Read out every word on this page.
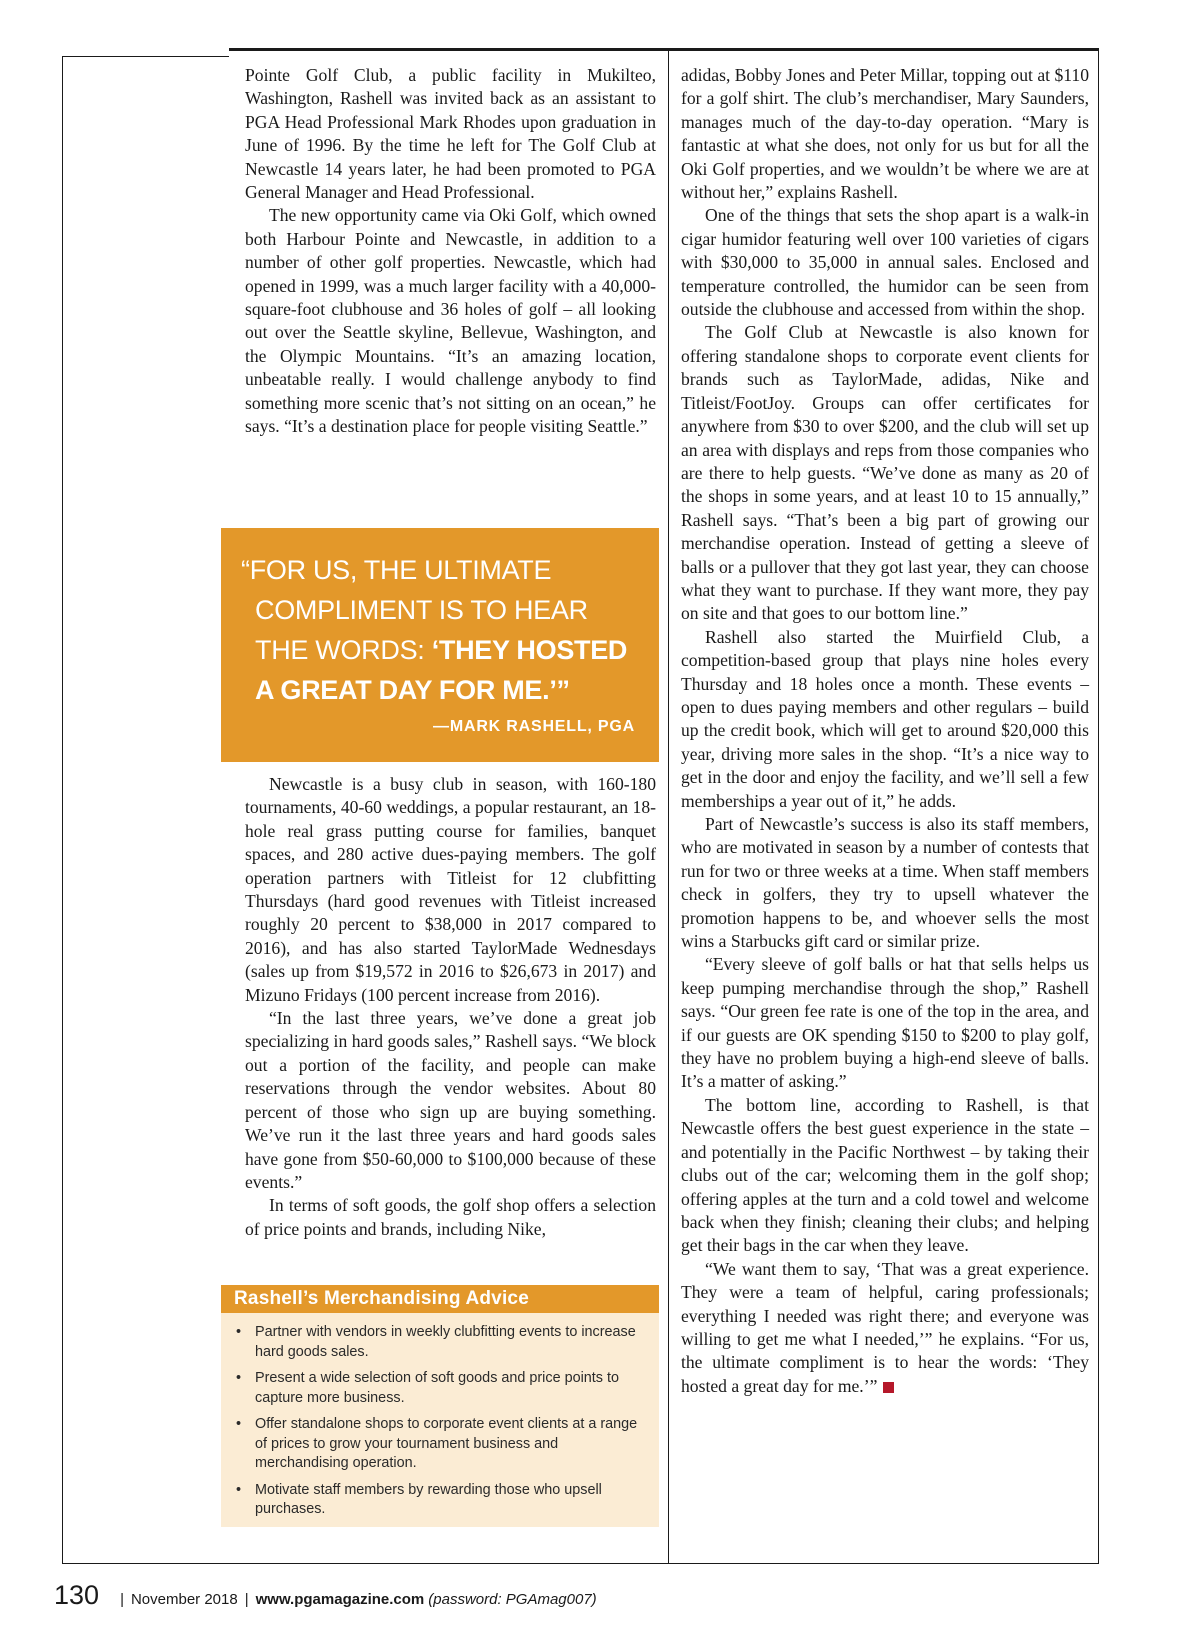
Pointe Golf Club, a public facility in Mukilteo, Washington, Rashell was invited back as an assistant to PGA Head Professional Mark Rhodes upon graduation in June of 1996. By the time he left for The Golf Club at Newcastle 14 years later, he had been promoted to PGA General Manager and Head Professional.

The new opportunity came via Oki Golf, which owned both Harbour Pointe and Newcastle, in addition to a number of other golf properties. Newcastle, which had opened in 1999, was a much larger facility with a 40,000-square-foot clubhouse and 36 holes of golf – all looking out over the Seattle skyline, Bellevue, Washington, and the Olympic Mountains. “It’s an amazing location, unbeatable really. I would challenge anybody to find something more scenic that’s not sitting on an ocean,” he says. “It’s a destination place for people visiting Seattle.”

“FOR US, THE ULTIMATE
COMPLIMENT IS TO HEAR
THE WORDS: ‘THEY HOSTED
A GREAT DAY FOR ME.’”
—MARK RASHELL, PGA

Newcastle is a busy club in season, with 160-180 tournaments, 40-60 weddings, a popular restaurant, an 18-hole real grass putting course for families, banquet spaces, and 280 active dues-paying members. The golf operation partners with Titleist for 12 clubfitting Thursdays (hard good revenues with Titleist increased roughly 20 percent to $38,000 in 2017 compared to 2016), and has also started TaylorMade Wednesdays (sales up from $19,572 in 2016 to $26,673 in 2017) and Mizuno Fridays (100 percent increase from 2016).

“In the last three years, we’ve done a great job specializing in hard goods sales,” Rashell says. “We block out a portion of the facility, and people can make reservations through the vendor websites. About 80 percent of those who sign up are buying something. We’ve run it the last three years and hard goods sales have gone from $50-60,000 to $100,000 because of these events.”

In terms of soft goods, the golf shop offers a selection of price points and brands, including Nike,

Rashell’s Merchandising Advice
• Partner with vendors in weekly clubfitting events to increase hard goods sales.
• Present a wide selection of soft goods and price points to capture more business.
• Offer standalone shops to corporate event clients at a range of prices to grow your tournament business and merchandising operation.
• Motivate staff members by rewarding those who upsell purchases.

adidas, Bobby Jones and Peter Millar, topping out at $110 for a golf shirt. The club’s merchandiser, Mary Saunders, manages much of the day-to-day operation. “Mary is fantastic at what she does, not only for us but for all the Oki Golf properties, and we wouldn’t be where we are at without her,” explains Rashell.

One of the things that sets the shop apart is a walk-in cigar humidor featuring well over 100 varieties of cigars with $30,000 to 35,000 in annual sales. Enclosed and temperature controlled, the humidor can be seen from outside the clubhouse and accessed from within the shop.

The Golf Club at Newcastle is also known for offering standalone shops to corporate event clients for brands such as TaylorMade, adidas, Nike and Titleist/FootJoy. Groups can offer certificates for anywhere from $30 to over $200, and the club will set up an area with displays and reps from those companies who are there to help guests. “We’ve done as many as 20 of the shops in some years, and at least 10 to 15 annually,” Rashell says. “That’s been a big part of growing our merchandise operation. Instead of getting a sleeve of balls or a pullover that they got last year, they can choose what they want to purchase. If they want more, they pay on site and that goes to our bottom line.”

Rashell also started the Muirfield Club, a competition-based group that plays nine holes every Thursday and 18 holes once a month. These events – open to dues paying members and other regulars – build up the credit book, which will get to around $20,000 this year, driving more sales in the shop. “It’s a nice way to get in the door and enjoy the facility, and we’ll sell a few memberships a year out of it,” he adds.

Part of Newcastle’s success is also its staff members, who are motivated in season by a number of contests that run for two or three weeks at a time. When staff members check in golfers, they try to upsell whatever the promotion happens to be, and whoever sells the most wins a Starbucks gift card or similar prize.

“Every sleeve of golf balls or hat that sells helps us keep pumping merchandise through the shop,” Rashell says. “Our green fee rate is one of the top in the area, and if our guests are OK spending $150 to $200 to play golf, they have no problem buying a high-end sleeve of balls. It’s a matter of asking.”

The bottom line, according to Rashell, is that Newcastle offers the best guest experience in the state – and potentially in the Pacific Northwest – by taking their clubs out of the car; welcoming them in the golf shop; offering apples at the turn and a cold towel and welcome back when they finish; cleaning their clubs; and helping get their bags in the car when they leave.

“We want them to say, ‘That was a great experience. They were a team of helpful, caring professionals; everything I needed was right there; and everyone was willing to get me what I needed,’” he explains. “For us, the ultimate compliment is to hear the words: ‘They hosted a great day for me.’”

130 | November 2018 | www.pgamagazine.com (password: PGAmag007)
